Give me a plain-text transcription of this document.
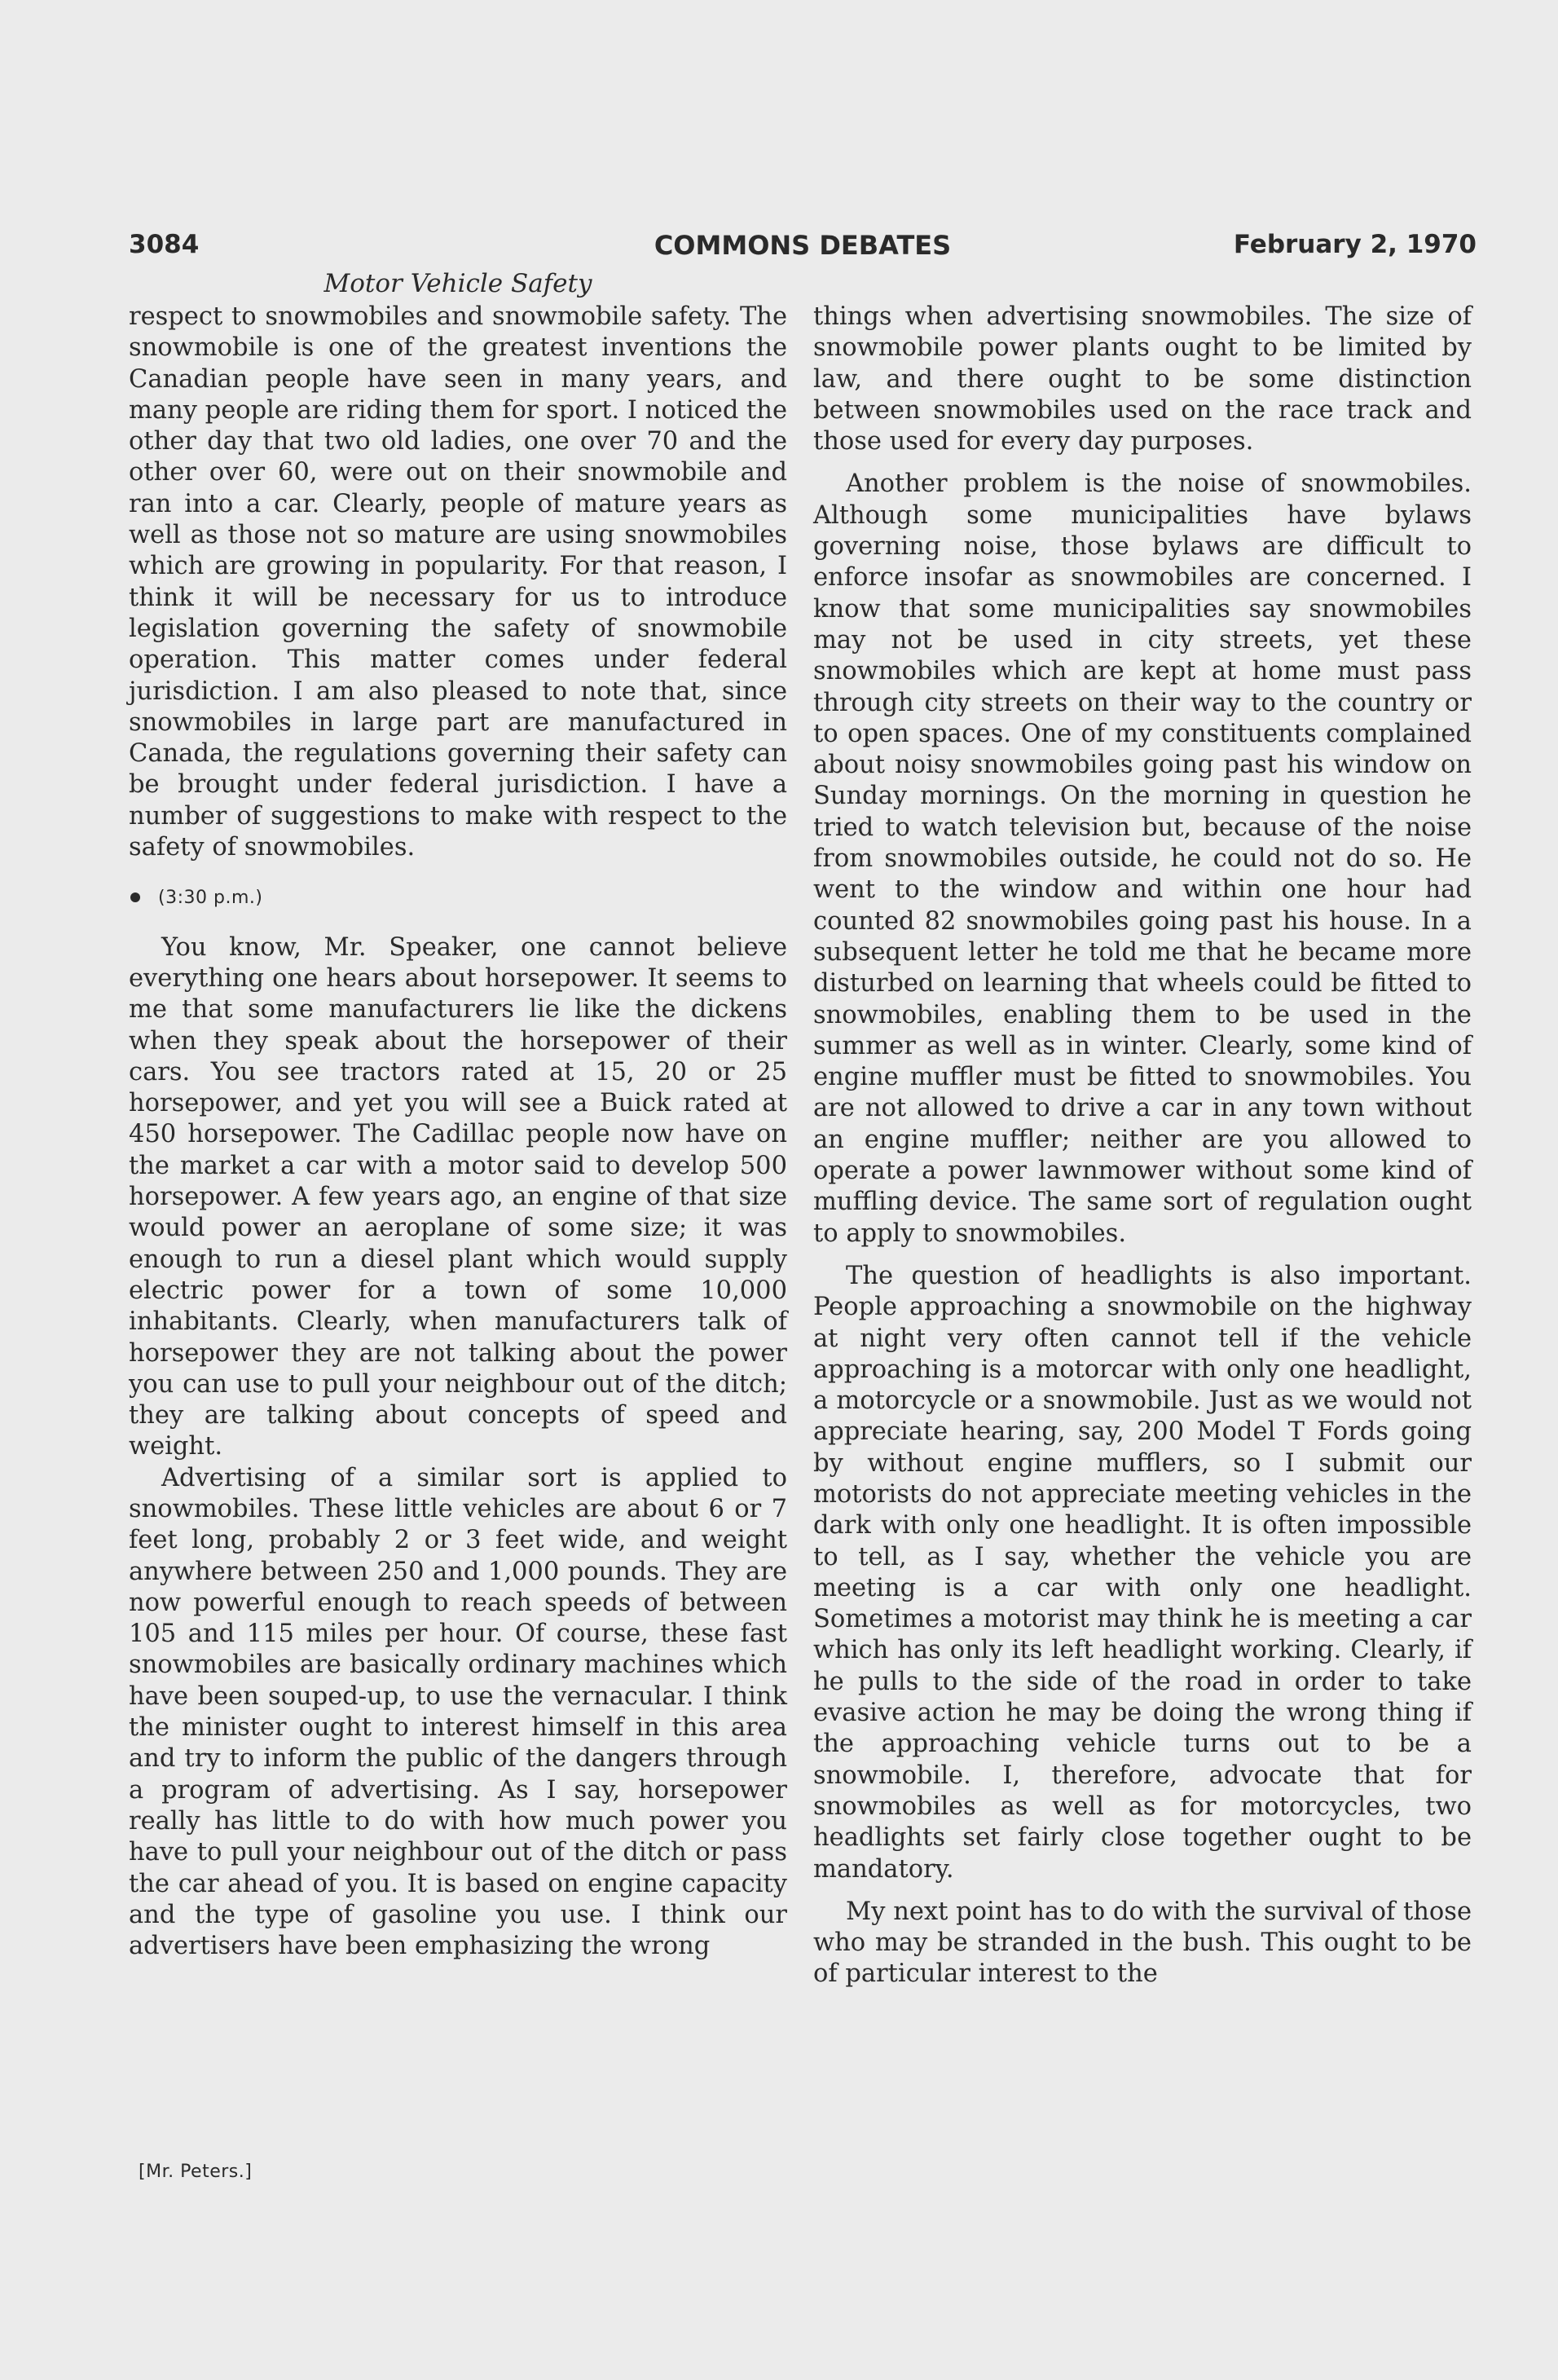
3084	COMMONS DEBATES	February 2, 1970
Motor Vehicle Safety

respect to snowmobiles and snowmobile safety. The snowmobile is one of the greatest inventions the Canadian people have seen in many years, and many people are riding them for sport. I noticed the other day that two old ladies, one over 70 and the other over 60, were out on their snowmobile and ran into a car. Clearly, people of mature years as well as those not so mature are using snowmobiles which are growing in popularity. For that reason, I think it will be necessary for us to introduce legislation governing the safety of snowmobile operation. This matter comes under federal jurisdiction. I am also pleased to note that, since snowmobiles in large part are manufactured in Canada, the regulations governing their safety can be brought under federal jurisdiction. I have a number of suggestions to make with respect to the safety of snowmobiles.

(3:30 p.m.)

You know, Mr. Speaker, one cannot believe everything one hears about horsepower. It seems to me that some manufacturers lie like the dickens when they speak about the horsepower of their cars. You see tractors rated at 15, 20 or 25 horsepower, and yet you will see a Buick rated at 450 horsepower. The Cadillac people now have on the market a car with a motor said to develop 500 horsepower. A few years ago, an engine of that size would power an aeroplane of some size; it was enough to run a diesel plant which would supply electric power for a town of some 10,000 inhabitants. Clearly, when manufacturers talk of horsepower they are not talking about the power you can use to pull your neighbour out of the ditch; they are talking about concepts of speed and weight.

Advertising of a similar sort is applied to snowmobiles. These little vehicles are about 6 or 7 feet long, probably 2 or 3 feet wide, and weight anywhere between 250 and 1,000 pounds. They are now powerful enough to reach speeds of between 105 and 115 miles per hour. Of course, these fast snowmobiles are basically ordinary machines which have been souped-up, to use the vernacular. I think the minister ought to interest himself in this area and try to inform the public of the dangers through a program of advertising. As I say, horsepower really has little to do with how much power you have to pull your neighbour out of the ditch or pass the car ahead of you. It is based on engine capacity and the type of gasoline you use. I think our advertisers have been emphasizing the wrong

[Mr. Peters.]

things when advertising snowmobiles. The size of snowmobile power plants ought to be limited by law, and there ought to be some distinction between snowmobiles used on the race track and those used for every day purposes.

Another problem is the noise of snowmobiles. Although some municipalities have bylaws governing noise, those bylaws are difficult to enforce insofar as snowmobiles are concerned. I know that some municipalities say snowmobiles may not be used in city streets, yet these snowmobiles which are kept at home must pass through city streets on their way to the country or to open spaces. One of my constituents complained about noisy snowmobiles going past his window on Sunday mornings. On the morning in question he tried to watch television but, because of the noise from snowmobiles outside, he could not do so. He went to the window and within one hour had counted 82 snowmobiles going past his house. In a subsequent letter he told me that he became more disturbed on learning that wheels could be fitted to snowmobiles, enabling them to be used in the summer as well as in winter. Clearly, some kind of engine muffler must be fitted to snowmobiles. You are not allowed to drive a car in any town without an engine muffler; neither are you allowed to operate a power lawnmower without some kind of muffling device. The same sort of regulation ought to apply to snowmobiles.

The question of headlights is also important. People approaching a snowmobile on the highway at night very often cannot tell if the vehicle approaching is a motorcar with only one headlight, a motorcycle or a snowmobile. Just as we would not appreciate hearing, say, 200 Model T Fords going by without engine mufflers, so I submit our motorists do not appreciate meeting vehicles in the dark with only one headlight. It is often impossible to tell, as I say, whether the vehicle you are meeting is a car with only one headlight. Sometimes a motorist may think he is meeting a car which has only its left headlight working. Clearly, if he pulls to the side of the road in order to take evasive action he may be doing the wrong thing if the approaching vehicle turns out to be a snowmobile. I, therefore, advocate that for snowmobiles as well as for motorcycles, two headlights set fairly close together ought to be mandatory.

My next point has to do with the survival of those who may be stranded in the bush. This ought to be of particular interest to the
